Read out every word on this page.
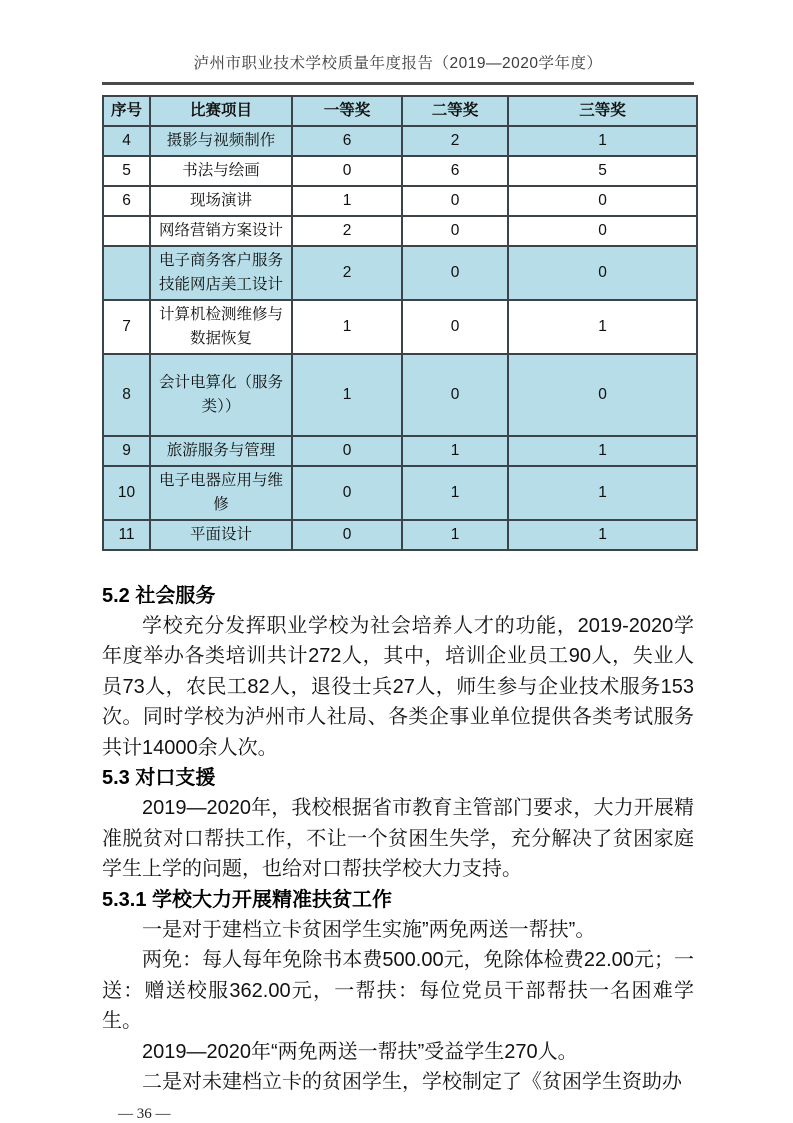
泸州市职业技术学校质量年度报告（2019—2020学年度）
序号	比赛项目	一等奖	二等奖	三等奖
4	摄影与视频制作	6	2	1
5	书法与绘画	0	6	5
6	现场演讲	1	0	0
	网络营销方案设计	2	0	0
	电子商务客户服务技能网店美工设计	2	0	0
7	计算机检测维修与数据恢复	1	0	1
8	会计电算化（服务类））	1	0	0
9	旅游服务与管理	0	1	1
10	电子电器应用与维修	0	1	1
11	平面设计	0	1	1
5.2 社会服务

学校充分发挥职业学校为社会培养人才的功能，2019-2020学年度举办各类培训共计272人，其中，培训企业员工90人，失业人员73人，农民工82人，退役士兵27人，师生参与企业技术服务153次。同时学校为泸州市人社局、各类企事业单位提供各类考试服务共计14000余人次。

5.3 对口支援

2019—2020年，我校根据省市教育主管部门要求，大力开展精准脱贫对口帮扶工作，不让一个贫困生失学，充分解决了贫困家庭学生上学的问题，也给对口帮扶学校大力支持。

5.3.1 学校大力开展精准扶贫工作

一是对于建档立卡贫困学生实施”两免两送一帮扶”。

两免：每人每年免除书本费500.00元，免除体检费22.00元；一送：赠送校服362.00元，一帮扶：每位党员干部帮扶一名困难学生。

2019—2020年“两免两送一帮扶”受益学生270人。

二是对未建档立卡的贫困学生，学校制定了《贫困学生资助办

— 36 —
